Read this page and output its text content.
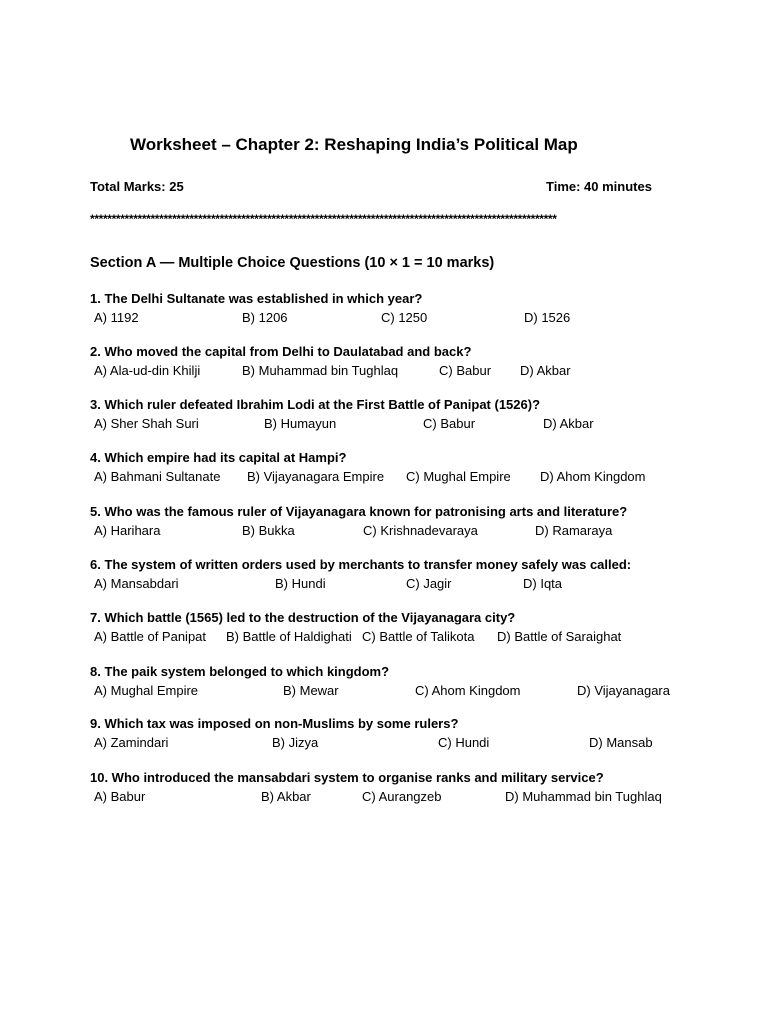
Worksheet – Chapter 2: Reshaping India’s Political Map
Total Marks: 25	Time: 40 minutes
************************************************************************************************************
Section A — Multiple Choice Questions (10 × 1 = 10 marks)
1. The Delhi Sultanate was established in which year?
A) 1192	B) 1206	C) 1250	D) 1526
2. Who moved the capital from Delhi to Daulatabad and back?
A) Ala-ud-din Khilji	B) Muhammad bin Tughlaq	C) Babur D) Akbar
3. Which ruler defeated Ibrahim Lodi at the First Battle of Panipat (1526)?
A) Sher Shah Suri	B) Humayun	C) Babur	D) Akbar
4. Which empire had its capital at Hampi?
A) Bahmani Sultanate B) Vijayanagara Empire C) Mughal Empire D) Ahom Kingdom
5. Who was the famous ruler of Vijayanagara known for patronising arts and literature?
A) Harihara	B) Bukka	C) Krishnadevaraya	D) Ramaraya
6. The system of written orders used by merchants to transfer money safely was called:
A) Mansabdari	B) Hundi	C) Jagir	D) Iqta
7. Which battle (1565) led to the destruction of the Vijayanagara city?
A) Battle of Panipat B) Battle of Haldighati C) Battle of Talikota D) Battle of Saraighat
8. The paik system belonged to which kingdom?
A) Mughal Empire	B) Mewar	C) Ahom Kingdom	D) Vijayanagara
9. Which tax was imposed on non-Muslims by some rulers?
A) Zamindari	B) Jizya	C) Hundi	D) Mansab
10. Who introduced the mansabdari system to organise ranks and military service?
A) Babur	B) Akbar	C) Aurangzeb	D) Muhammad bin Tughlaq
